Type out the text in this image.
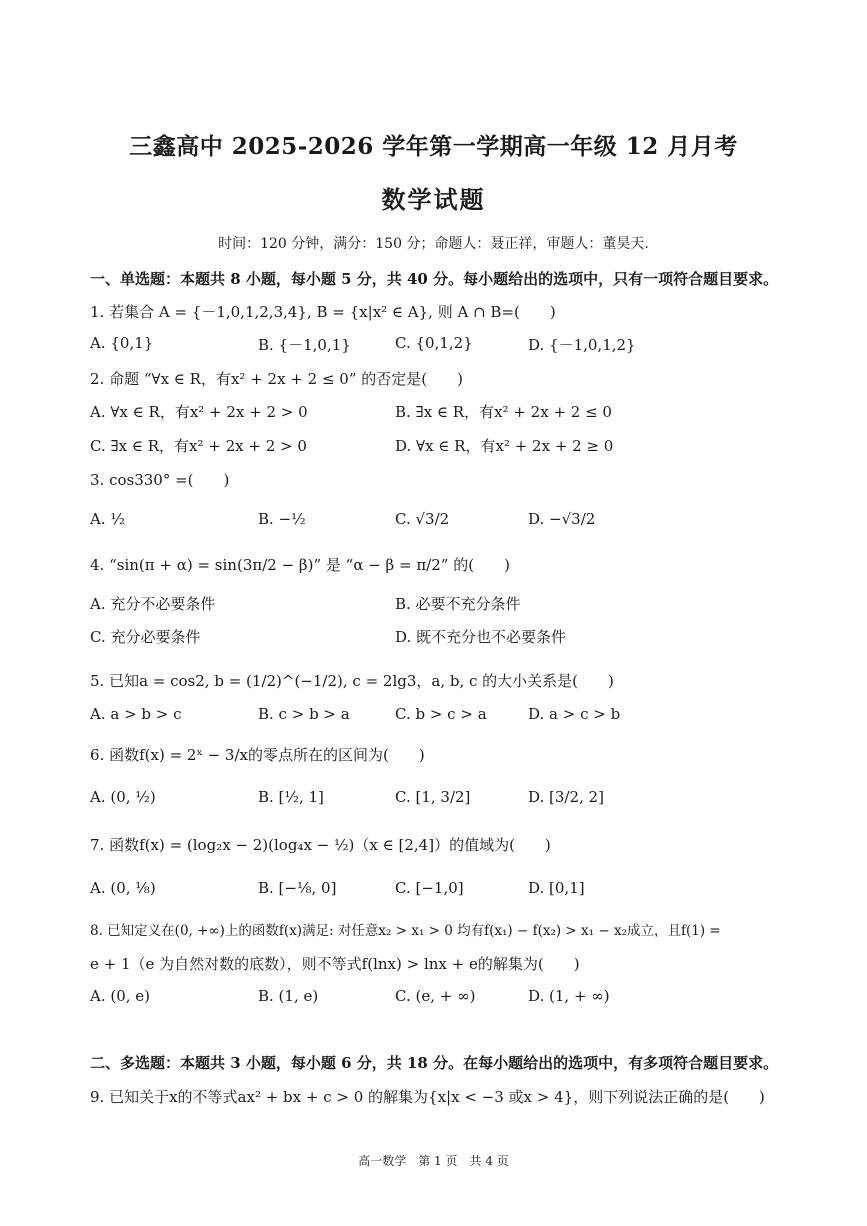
三鑫高中 2025-2026 学年第一学期高一年级 12 月月考
数学试题
时间：120 分钟，满分：150 分；命题人：聂正祥，审题人：董昊天.
一、单选题：本题共 8 小题，每小题 5 分，共 40 分。每小题给出的选项中，只有一项符合题目要求。
1. 若集合 A = {－1,0,1,2,3,4}, B = {x|x² ∈ A}, 则 A ∩ B=(　　)
A. {0,1}	B. {－1,0,1}	C. {0,1,2}	D. {－1,0,1,2}
2. 命题 “∀x ∈ R，有x² + 2x + 2 ≤ 0” 的否定是(　　)
A. ∀x ∈ R，有x² + 2x + 2 > 0	B. ∃x ∈ R，有x² + 2x + 2 ≤ 0
C. ∃x ∈ R，有x² + 2x + 2 > 0	D. ∀x ∈ R，有x² + 2x + 2 ≥ 0
3. cos330° =(　　)
A. ½	B. −½	C. √3/2	D. −√3/2
4. “sin(π + α) = sin(3π/2 − β)” 是 “α − β = π/2” 的(　　)
A. 充分不必要条件	B. 必要不充分条件
C. 充分必要条件	D. 既不充分也不必要条件
5. 已知a = cos2, b = (1/2)^(−1/2), c = 2lg3，a, b, c 的大小关系是(　　)
A. a > b > c	B. c > b > a	C. b > c > a	D. a > c > b
6. 函数f(x) = 2ˣ − 3/x的零点所在的区间为(　　)
A. (0, ½)	B. [½, 1]	C. [1, 3/2]	D. [3/2, 2]
7. 函数f(x) = (log₂x − 2)(log₄x − ½)（x ∈ [2,4]）的值域为(　　)
A. (0, ⅛)	B. [−⅛, 0]	C. [−1,0]	D. [0,1]
8. 已知定义在(0, +∞)上的函数f(x)满足: 对任意x₂ > x₁ > 0 均有f(x₁) − f(x₂) > x₁ − x₂成立，且f(1) =
e + 1（e 为自然对数的底数），则不等式f(lnx) > lnx + e的解集为(　　)
A. (0, e)	B. (1, e)	C. (e, + ∞)	D. (1, + ∞)
二、多选题：本题共 3 小题，每小题 6 分，共 18 分。在每小题给出的选项中，有多项符合题目要求。
9. 已知关于x的不等式ax² + bx + c > 0 的解集为{x|x < −3 或x > 4}，则下列说法正确的是(　　)
高一数学　第 1 页　共 4 页
